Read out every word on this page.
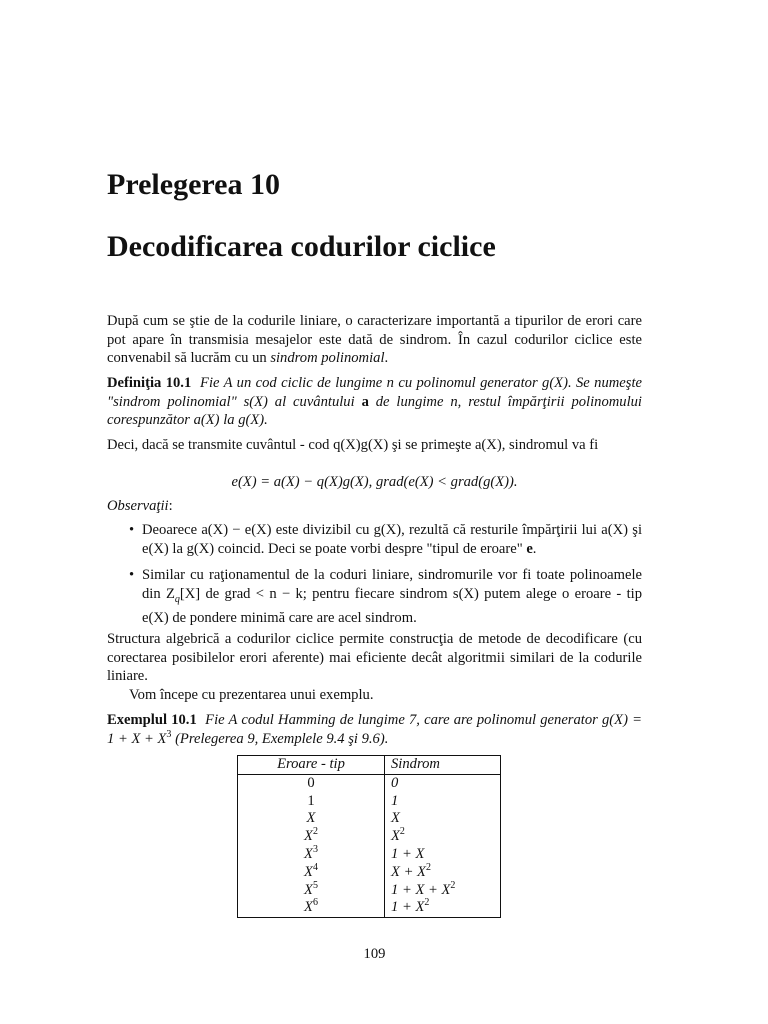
Prelegerea 10
Decodificarea codurilor ciclice

După cum se ştie de la codurile liniare, o caracterizare importantă a tipurilor de erori care pot apare în transmisia mesajelor este dată de sindrom. În cazul codurilor ciclice este convenabil să lucrăm cu un sindrom polinomial.

Definiţia 10.1 Fie A un cod ciclic de lungime n cu polinomul generator g(X). Se numeşte "sindrom polinomial" s(X) al cuvântului a de lungime n, restul împărţirii polinomului corespunzător a(X) la g(X).

Deci, dacă se transmite cuvântul - cod q(X)g(X) şi se primeşte a(X), sindromul va fi

e(X) = a(X) − q(X)g(X), grad(e(X) < grad(g(X)).

Observaţii:

• Deoarece a(X) − e(X) este divizibil cu g(X), rezultă că resturile împărţirii lui a(X) şi e(X) la g(X) coincid. Deci se poate vorbi despre "tipul de eroare" e.
• Similar cu raţionamentul de la coduri liniare, sindromurile vor fi toate polinoamele din $Z_q[X]$ de grad < n − k; pentru fiecare sindrom s(X) putem alege o eroare - tip e(X) de pondere minimă care are acel sindrom.

Structura algebrică a codurilor ciclice permite construcţia de metode de decodificare (cu corectarea posibilelor erori aferente) mai eficiente decât algoritmii similari de la codurile liniare.

Vom începe cu prezentarea unui exemplu.

Exemplul 10.1 Fie A codul Hamming de lungime 7, care are polinomul generator $g(X) = 1 + X + X^3$ (Prelegerea 9, Exemplele 9.4 şi 9.6).

Eroare - tip	Sindrom
0	0
1	1
X	X
$X^2$	$X^2$
$X^3$	1 + X
$X^4$	$X + X^2$
$X^5$	$1 + X + X^2$
$X^6$	$1 + X^2$
109
